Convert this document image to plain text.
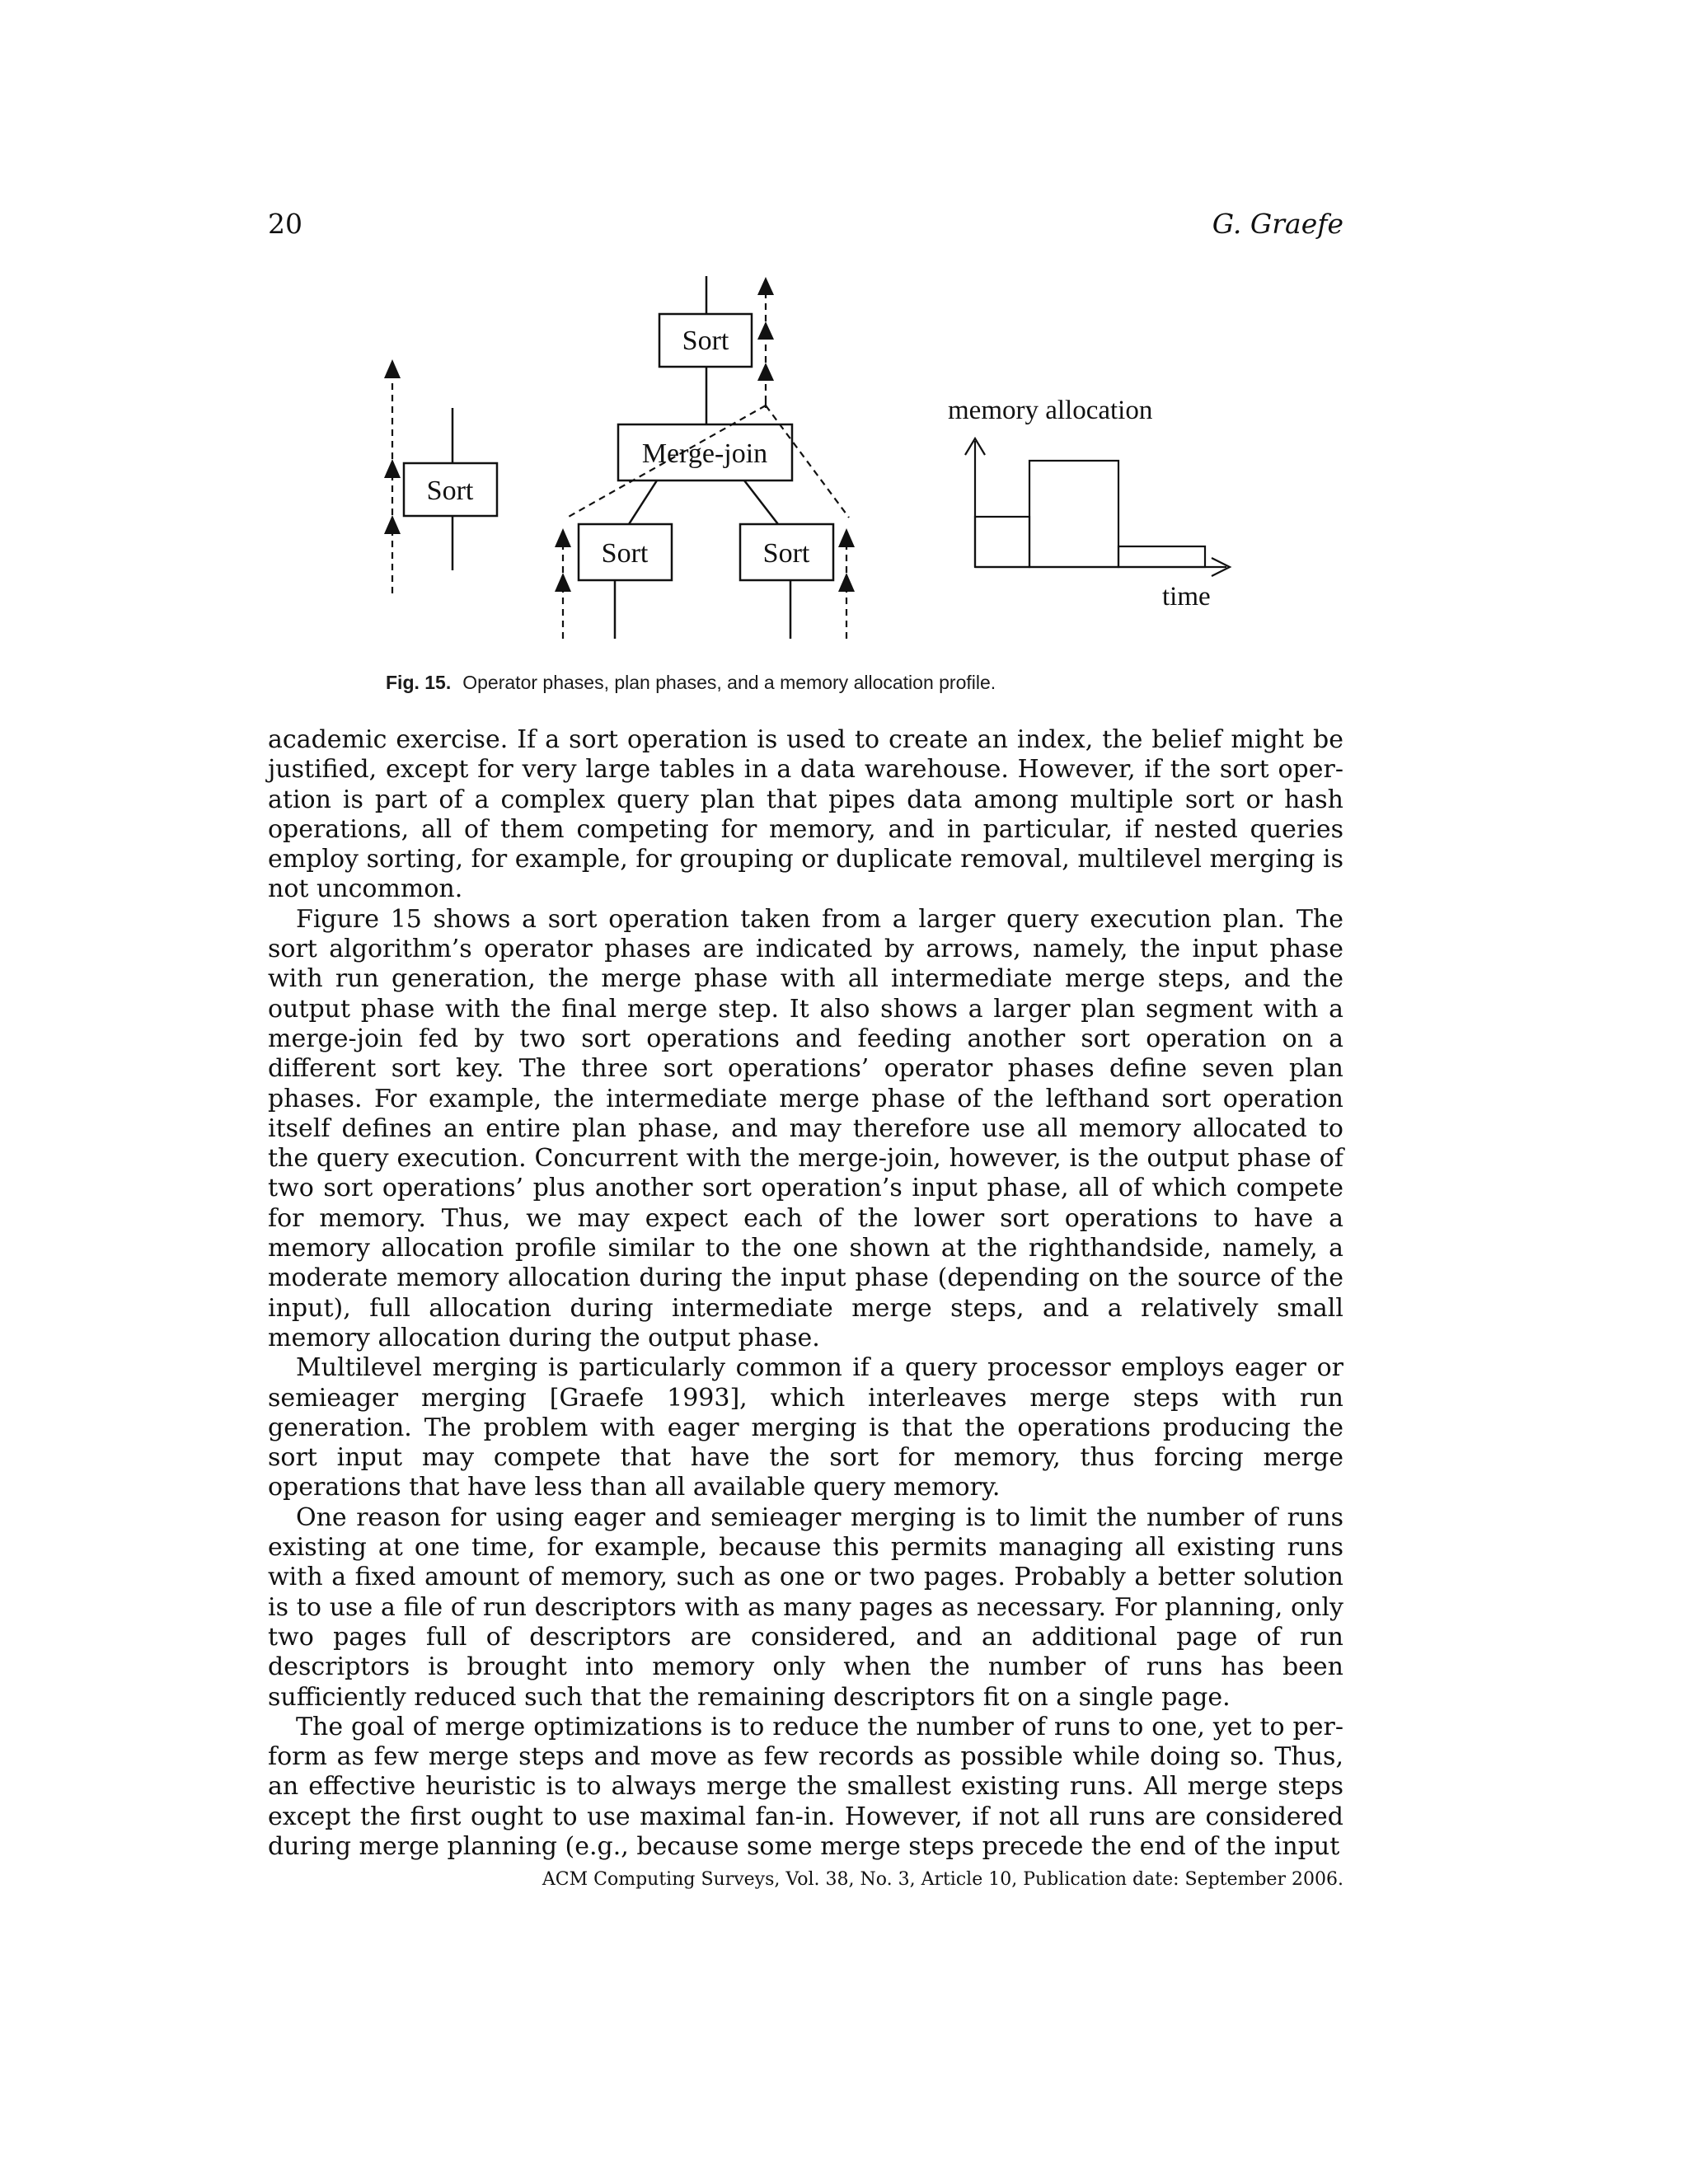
20	G. Graefe
Sort
Sort
Merge-join
Sort	Sort
memory allocation
time
Fig. 15. Operator phases, plan phases, and a memory allocation profile.

academic exercise. If a sort operation is used to create an index, the belief might be justified, except for very large tables in a data warehouse. However, if the sort operation is part of a complex query plan that pipes data among multiple sort or hash operations, all of them competing for memory, and in particular, if nested queries employ sorting, for example, for grouping or duplicate removal, multilevel merging is not uncommon.

Figure 15 shows a sort operation taken from a larger query execution plan. The sort algorithm’s operator phases are indicated by arrows, namely, the input phase with run generation, the merge phase with all intermediate merge steps, and the output phase with the final merge step. It also shows a larger plan segment with a merge-join fed by two sort operations and feeding another sort operation on a different sort key. The three sort operations’ operator phases define seven plan phases. For example, the intermediate merge phase of the lefthand sort operation itself defines an entire plan phase, and may therefore use all memory allocated to the query execution. Concurrent with the merge-join, however, is the output phase of two sort operations’ plus another sort operation’s input phase, all of which compete for memory. Thus, we may expect each of the lower sort operations to have a memory allocation profile similar to the one shown at the righthandside, namely, a moderate memory allocation during the input phase (depending on the source of the input), full allocation during intermediate merge steps, and a relatively small memory allocation during the output phase.

Multilevel merging is particularly common if a query processor employs eager or semieager merging [Graefe 1993], which interleaves merge steps with run generation. The problem with eager merging is that the operations producing the sort input may compete that have the sort for memory, thus forcing merge operations that have less than all available query memory.

One reason for using eager and semieager merging is to limit the number of runs existing at one time, for example, because this permits managing all existing runs with a fixed amount of memory, such as one or two pages. Probably a better solution is to use a file of run descriptors with as many pages as necessary. For planning, only two pages full of descriptors are considered, and an additional page of run descriptors is brought into memory only when the number of runs has been sufficiently reduced such that the remaining descriptors fit on a single page.

The goal of merge optimizations is to reduce the number of runs to one, yet to perform as few merge steps and move as few records as possible while doing so. Thus, an effective heuristic is to always merge the smallest existing runs. All merge steps except the first ought to use maximal fan-in. However, if not all runs are considered during merge planning (e.g., because some merge steps precede the end of the input

ACM Computing Surveys, Vol. 38, No. 3, Article 10, Publication date: September 2006.
